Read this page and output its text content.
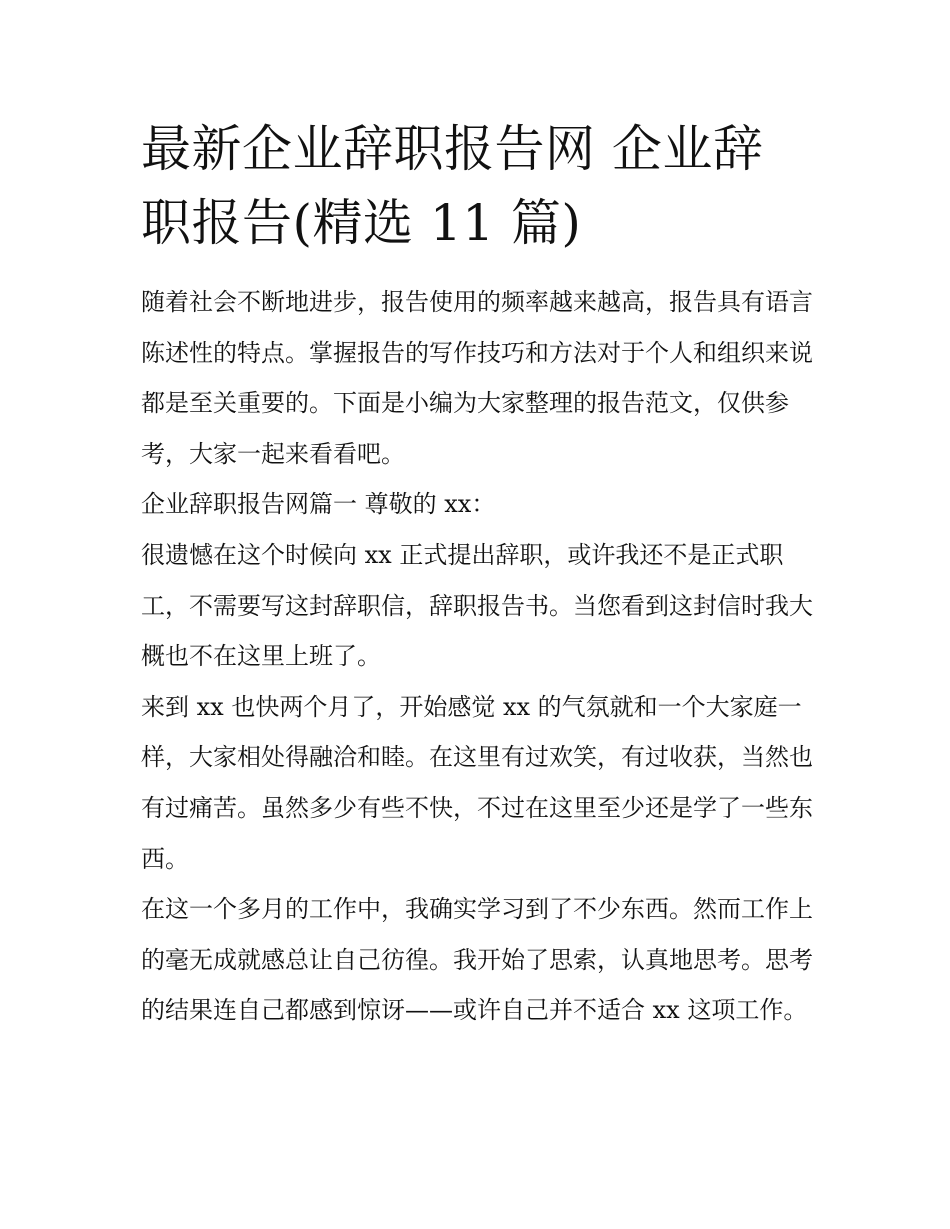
最新企业辞职报告网 企业辞职报告(精选 11 篇)

随着社会不断地进步，报告使用的频率越来越高，报告具有语言陈述性的特点。掌握报告的写作技巧和方法对于个人和组织来说都是至关重要的。下面是小编为大家整理的报告范文，仅供参考，大家一起来看看吧。

企业辞职报告网篇一 尊敬的 xx：

很遗憾在这个时候向 xx 正式提出辞职，或许我还不是正式职工，不需要写这封辞职信，辞职报告书。当您看到这封信时我大概也不在这里上班了。

来到 xx 也快两个月了，开始感觉 xx 的气氛就和一个大家庭一样，大家相处得融洽和睦。在这里有过欢笑，有过收获，当然也有过痛苦。虽然多少有些不快，不过在这里至少还是学了一些东西。

在这一个多月的工作中，我确实学习到了不少东西。然而工作上的毫无成就感总让自己彷徨。我开始了思索，认真地思考。思考的结果连自己都感到惊讶——或许自己并不适合 xx 这项工作。
